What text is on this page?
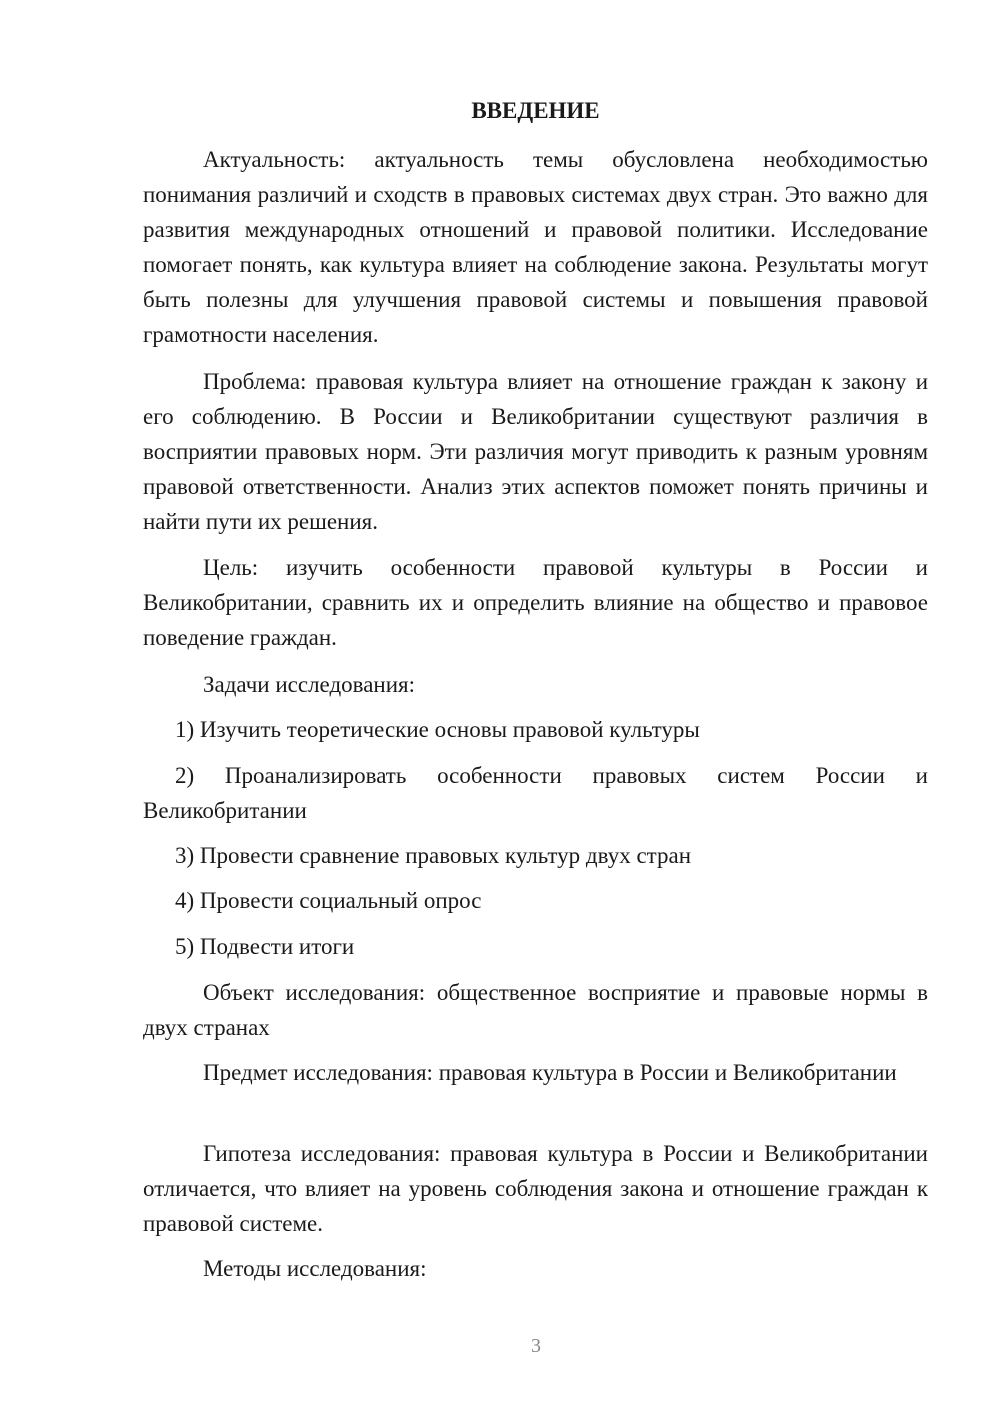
ВВЕДЕНИЕ

Актуальность: актуальность темы обусловлена необходимостью понимания различий и сходств в правовых системах двух стран. Это важно для развития международных отношений и правовой политики. Исследование помогает понять, как культура влияет на соблюдение закона. Результаты могут быть полезны для улучшения правовой системы и повышения правовой грамотности населения.

Проблема: правовая культура влияет на отношение граждан к закону и его соблюдению. В России и Великобритании существуют различия в восприятии правовых норм. Эти различия могут приводить к разным уровням правовой ответственности. Анализ этих аспектов поможет понять причины и найти пути их решения.

Цель: изучить особенности правовой культуры в России и Великобритании, сравнить их и определить влияние на общество и правовое поведение граждан.

Задачи исследования:

1) Изучить теоретические основы правовой культуры

2) Проанализировать особенности правовых систем России и Великобритании

3) Провести сравнение правовых культур двух стран

4) Провести социальный опрос

5) Подвести итоги

Объект исследования: общественное восприятие и правовые нормы в двух странах

Предмет исследования: правовая культура в России и Великобритании

Гипотеза исследования: правовая культура в России и Великобритании отличается, что влияет на уровень соблюдения закона и отношение граждан к правовой системе.

Методы исследования:

3
